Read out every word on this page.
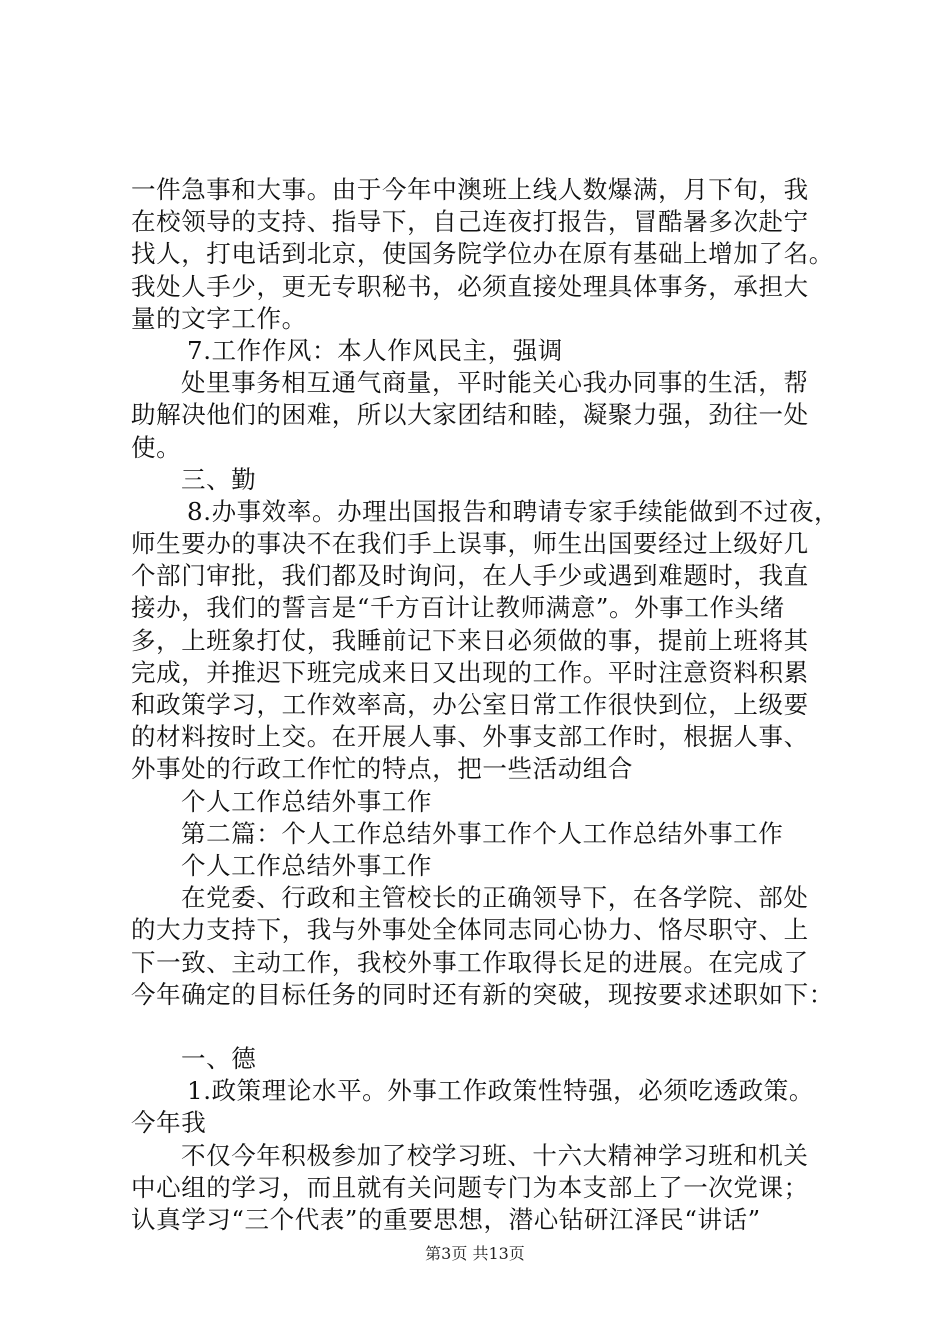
一件急事和大事。由于今年中澳班上线人数爆满，月下旬，我
在校领导的支持、指导下，自己连夜打报告，冒酷暑多次赴宁
找人，打电话到北京，使国务院学位办在原有基础上增加了名。
我处人手少，更无专职秘书，必须直接处理具体事务，承担大
量的文字工作。
7.工作作风：本人作风民主，强调
处里事务相互通气商量，平时能关心我办同事的生活，帮
助解决他们的困难，所以大家团结和睦，凝聚力强，劲往一处
使。
三、勤
8.办事效率。办理出国报告和聘请专家手续能做到不过夜，
师生要办的事决不在我们手上误事，师生出国要经过上级好几
个部门审批，我们都及时询问，在人手少或遇到难题时，我直
接办，我们的誓言是“千方百计让教师满意”。外事工作头绪
多，上班象打仗，我睡前记下来日必须做的事，提前上班将其
完成，并推迟下班完成来日又出现的工作。平时注意资料积累
和政策学习，工作效率高，办公室日常工作很快到位，上级要
的材料按时上交。在开展人事、外事支部工作时，根据人事、
外事处的行政工作忙的特点，把一些活动组合
个人工作总结外事工作
第二篇：个人工作总结外事工作个人工作总结外事工作
个人工作总结外事工作
在党委、行政和主管校长的正确领导下，在各学院、部处
的大力支持下，我与外事处全体同志同心协力、恪尽职守、上
下一致、主动工作，我校外事工作取得长足的进展。在完成了
今年确定的目标任务的同时还有新的突破，现按要求述职如下：
一、德
1.政策理论水平。外事工作政策性特强，必须吃透政策。
今年我
不仅今年积极参加了校学习班、十六大精神学习班和机关
中心组的学习，而且就有关问题专门为本支部上了一次党课；
认真学习“三个代表”的重要思想，潜心钻研江泽民“讲话”
第3页 共13页
